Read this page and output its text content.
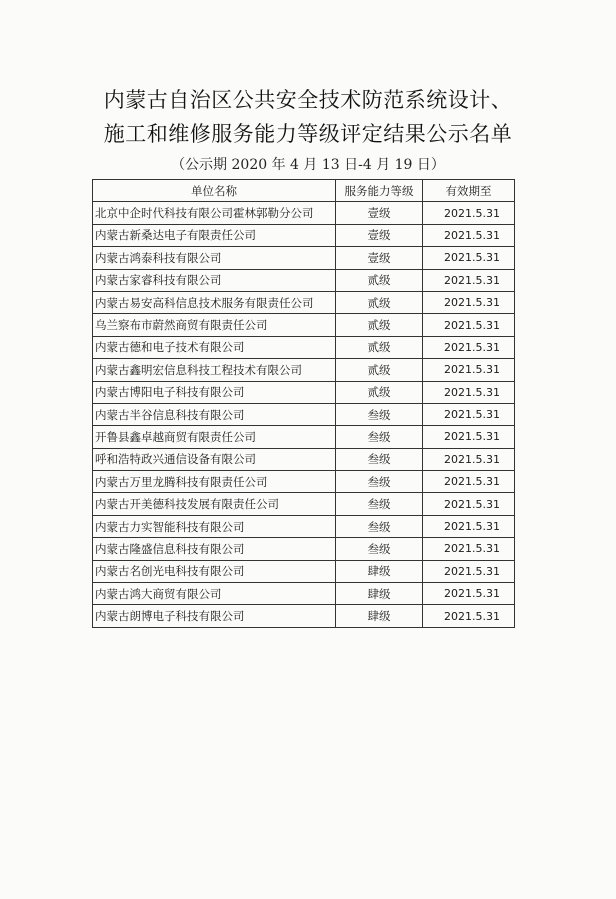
内蒙古自治区公共安全技术防范系统设计、
施工和维修服务能力等级评定结果公示名单
（公示期 2020 年 4 月 13 日-4 月 19 日）
单位名称	服务能力等级	有效期至
北京中企时代科技有限公司霍林郭勒分公司	壹级	2021.5.31
内蒙古新桑达电子有限责任公司	壹级	2021.5.31
内蒙古鸿泰科技有限公司	壹级	2021.5.31
内蒙古家睿科技有限公司	贰级	2021.5.31
内蒙古易安高科信息技术服务有限责任公司	贰级	2021.5.31
乌兰察布市蔚然商贸有限责任公司	贰级	2021.5.31
内蒙古德和电子技术有限公司	贰级	2021.5.31
内蒙古鑫明宏信息科技工程技术有限公司	贰级	2021.5.31
内蒙古博阳电子科技有限公司	贰级	2021.5.31
内蒙古半谷信息科技有限公司	叁级	2021.5.31
开鲁县鑫卓越商贸有限责任公司	叁级	2021.5.31
呼和浩特政兴通信设备有限公司	叁级	2021.5.31
内蒙古万里龙腾科技有限责任公司	叁级	2021.5.31
内蒙古开美德科技发展有限责任公司	叁级	2021.5.31
内蒙古力实智能科技有限公司	叁级	2021.5.31
内蒙古隆盛信息科技有限公司	叁级	2021.5.31
内蒙古名创光电科技有限公司	肆级	2021.5.31
内蒙古鸿大商贸有限公司	肆级	2021.5.31
内蒙古朗博电子科技有限公司	肆级	2021.5.31
